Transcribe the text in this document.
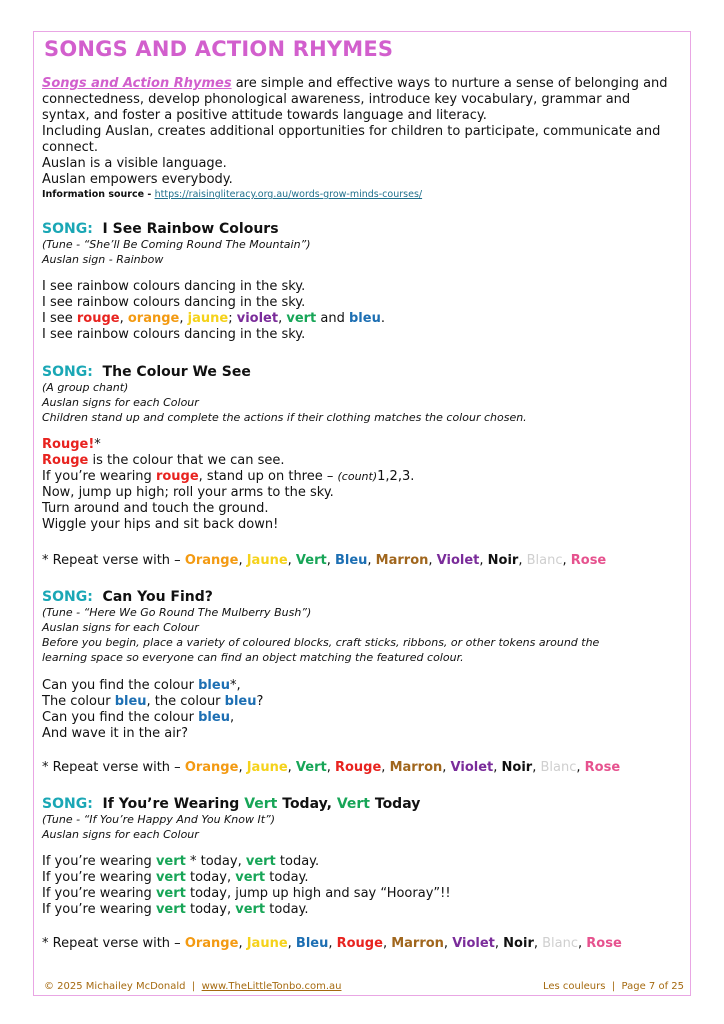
SONGS AND ACTION RHYMES
Songs and Action Rhymes are simple and effective ways to nurture a sense of belonging and
connectedness, develop phonological awareness, introduce key vocabulary, grammar and
syntax, and foster a positive attitude towards language and literacy.
Including Auslan, creates additional opportunities for children to participate, communicate and
connect.
Auslan is a visible language.
Auslan empowers everybody.
Information source - https://raisingliteracy.org.au/words-grow-minds-courses/
SONG: I See Rainbow Colours
(Tune - “She’ll Be Coming Round The Mountain”)
Auslan sign - Rainbow
I see rainbow colours dancing in the sky.
I see rainbow colours dancing in the sky.
I see rouge, orange, jaune; violet, vert and bleu.
I see rainbow colours dancing in the sky.
SONG: The Colour We See
(A group chant)
Auslan signs for each Colour
Children stand up and complete the actions if their clothing matches the colour chosen.
Rouge!*
Rouge is the colour that we can see.
If you’re wearing rouge, stand up on three – (count)1,2,3.
Now, jump up high; roll your arms to the sky.
Turn around and touch the ground.
Wiggle your hips and sit back down!
* Repeat verse with – Orange, Jaune, Vert, Bleu, Marron, Violet, Noir, Blanc, Rose
SONG: Can You Find?
(Tune - “Here We Go Round The Mulberry Bush”)
Auslan signs for each Colour
Before you begin, place a variety of coloured blocks, craft sticks, ribbons, or other tokens around the
learning space so everyone can find an object matching the featured colour.
Can you find the colour bleu*,
The colour bleu, the colour bleu?
Can you find the colour bleu,
And wave it in the air?
* Repeat verse with – Orange, Jaune, Vert, Rouge, Marron, Violet, Noir, Blanc, Rose
SONG: If You’re Wearing Vert Today, Vert Today
(Tune - “If You’re Happy And You Know It”)
Auslan signs for each Colour
If you’re wearing vert * today, vert today.
If you’re wearing vert today, vert today.
If you’re wearing vert today, jump up high and say “Hooray”!!
If you’re wearing vert today, vert today.
* Repeat verse with – Orange, Jaune, Bleu, Rouge, Marron, Violet, Noir, Blanc, Rose
© 2025 Michailey McDonald  |  www.TheLittleTonbo.com.au	Les couleurs  |  Page 7 of 25
